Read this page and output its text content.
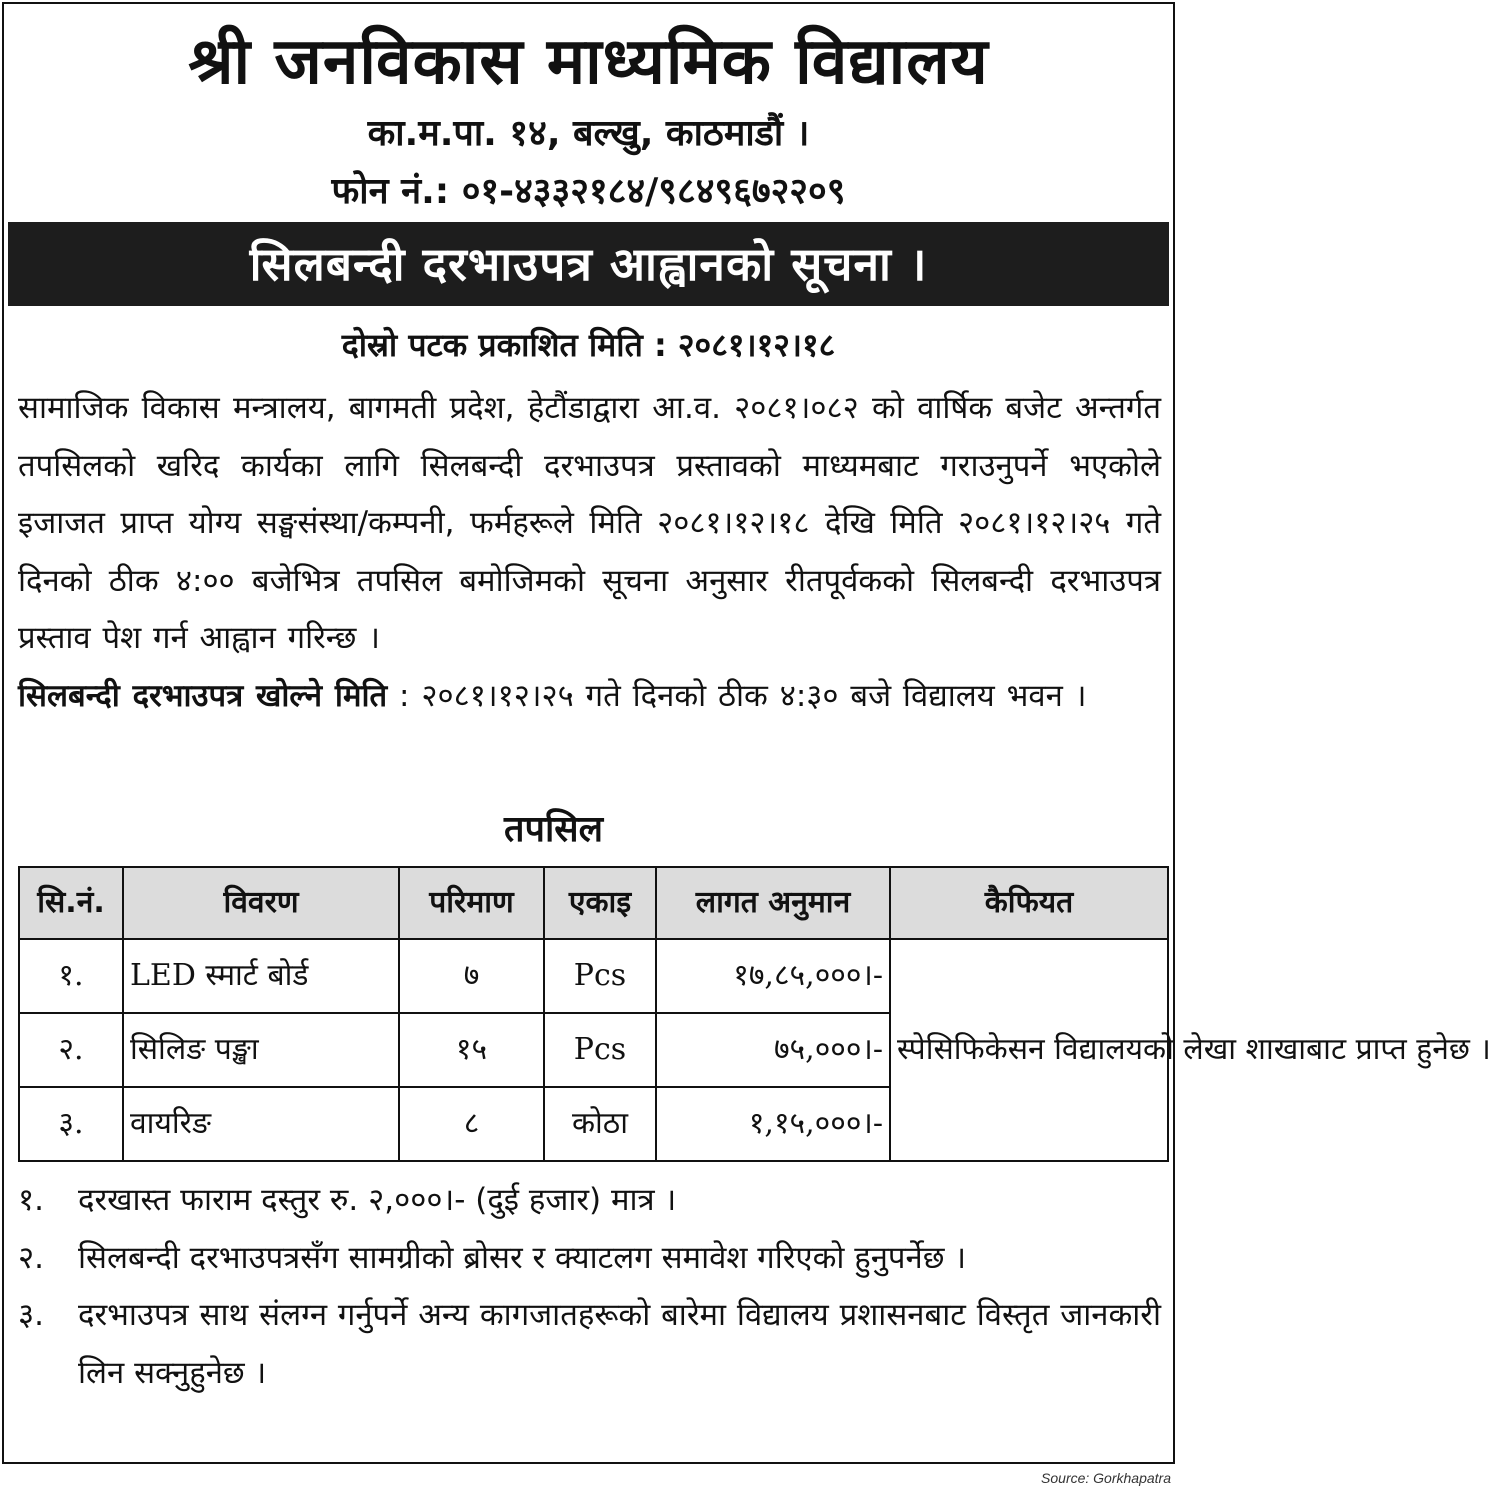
श्री जनविकास माध्यमिक विद्यालय
का.म.पा. १४, बल्खु, काठमाडौं ।
फोन नं.: ०१-४३३२१८४/९८४९६७२२०९
सिलबन्दी दरभाउपत्र आह्वानको सूचना ।
दोस्रो पटक प्रकाशित मिति : २०८१।१२।१८
सामाजिक विकास मन्त्रालय, बागमती प्रदेश, हेटौंडाद्वारा आ.व. २०८१।०८२ को वार्षिक बजेट अन्तर्गत तपसिलको खरिद कार्यका लागि सिलबन्दी दरभाउपत्र प्रस्तावको माध्यमबाट गराउनुपर्ने भएकोले इजाजत प्राप्त योग्य सङ्घसंस्था/कम्पनी, फर्महरूले मिति २०८१।१२।१८ देखि मिति २०८१।१२।२५ गते दिनको ठीक ४:०० बजेभित्र तपसिल बमोजिमको सूचना अनुसार रीतपूर्वकको सिलबन्दी दरभाउपत्र प्रस्ताव पेश गर्न आह्वान गरिन्छ ।
सिलबन्दी दरभाउपत्र खोल्ने मिति : २०८१।१२।२५ गते दिनको ठीक ४:३० बजे विद्यालय भवन ।
तपसिल
सि.नं.	विवरण	परिमाण	एकाइ	लागत अनुमान	कैफियत
१.	LED स्मार्ट बोर्ड	७	Pcs	१७,८५,०००।-	स्पेसिफिकेसन विद्यालयको लेखा शाखाबाट प्राप्त हुनेछ ।
२.	सिलिङ पङ्खा	१५	Pcs	७५,०००।-	
३.	वायरिङ	८	कोठा	१,१५,०००।-	
१.	दरखास्त फाराम दस्तुर रु. २,०००।- (दुई हजार) मात्र ।
२.	सिलबन्दी दरभाउपत्रसँग सामग्रीको ब्रोसर र क्याटलग समावेश गरिएको हुनुपर्नेछ ।
३.	दरभाउपत्र साथ संलग्न गर्नुपर्ने अन्य कागजातहरूको बारेमा विद्यालय प्रशासनबाट विस्तृत जानकारी लिन सक्नुहुनेछ ।
Source: Gorkhapatra
